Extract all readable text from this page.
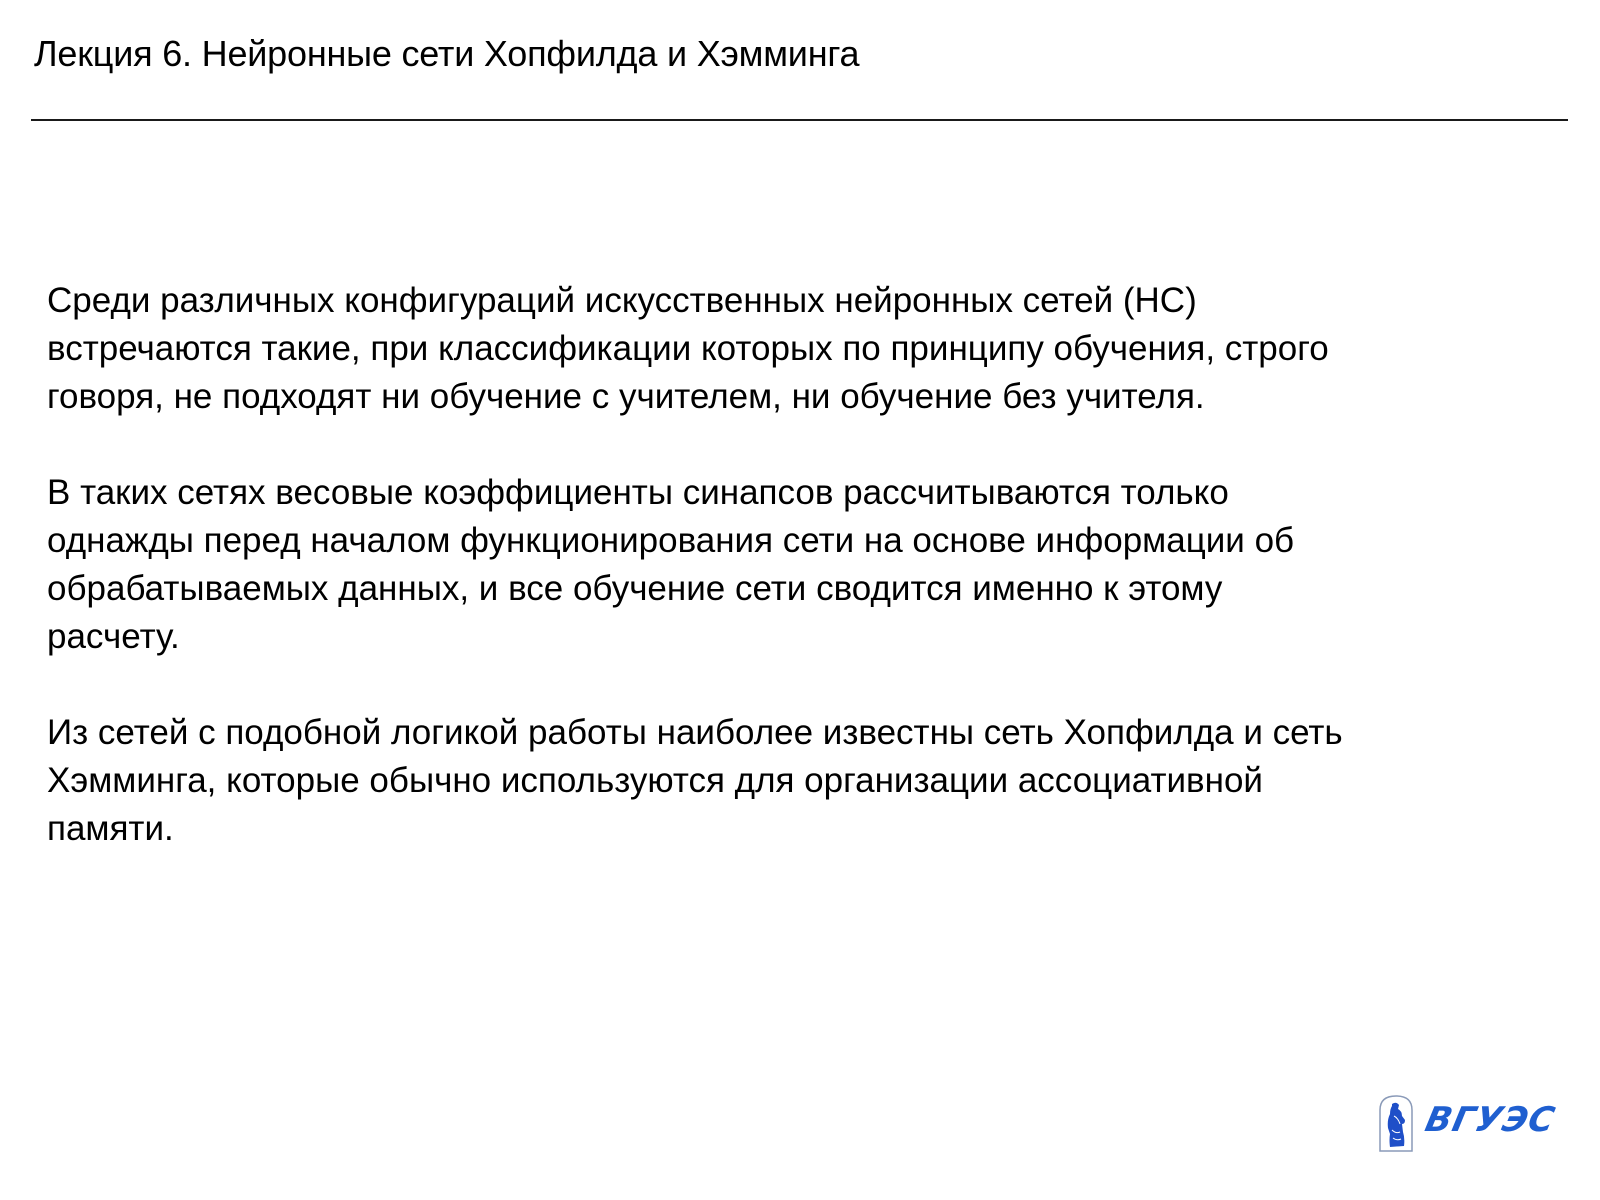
Лекция 6. Нейронные сети Хопфилда и Хэмминга

Среди различных конфигураций искусственных нейронных сетей (НС)
встречаются такие, при классификации которых по принципу обучения, строго
говоря, не подходят ни обучение с учителем, ни обучение без учителя.

В таких сетях весовые коэффициенты синапсов рассчитываются только
однажды перед началом функционирования сети на основе информации об
обрабатываемых данных, и все обучение сети сводится именно к этому
расчету.

Из сетей с подобной логикой работы наиболее известны сеть Хопфилда и сеть
Хэмминга, которые обычно используются для организации ассоциативной
памяти.

ВГУЭС
